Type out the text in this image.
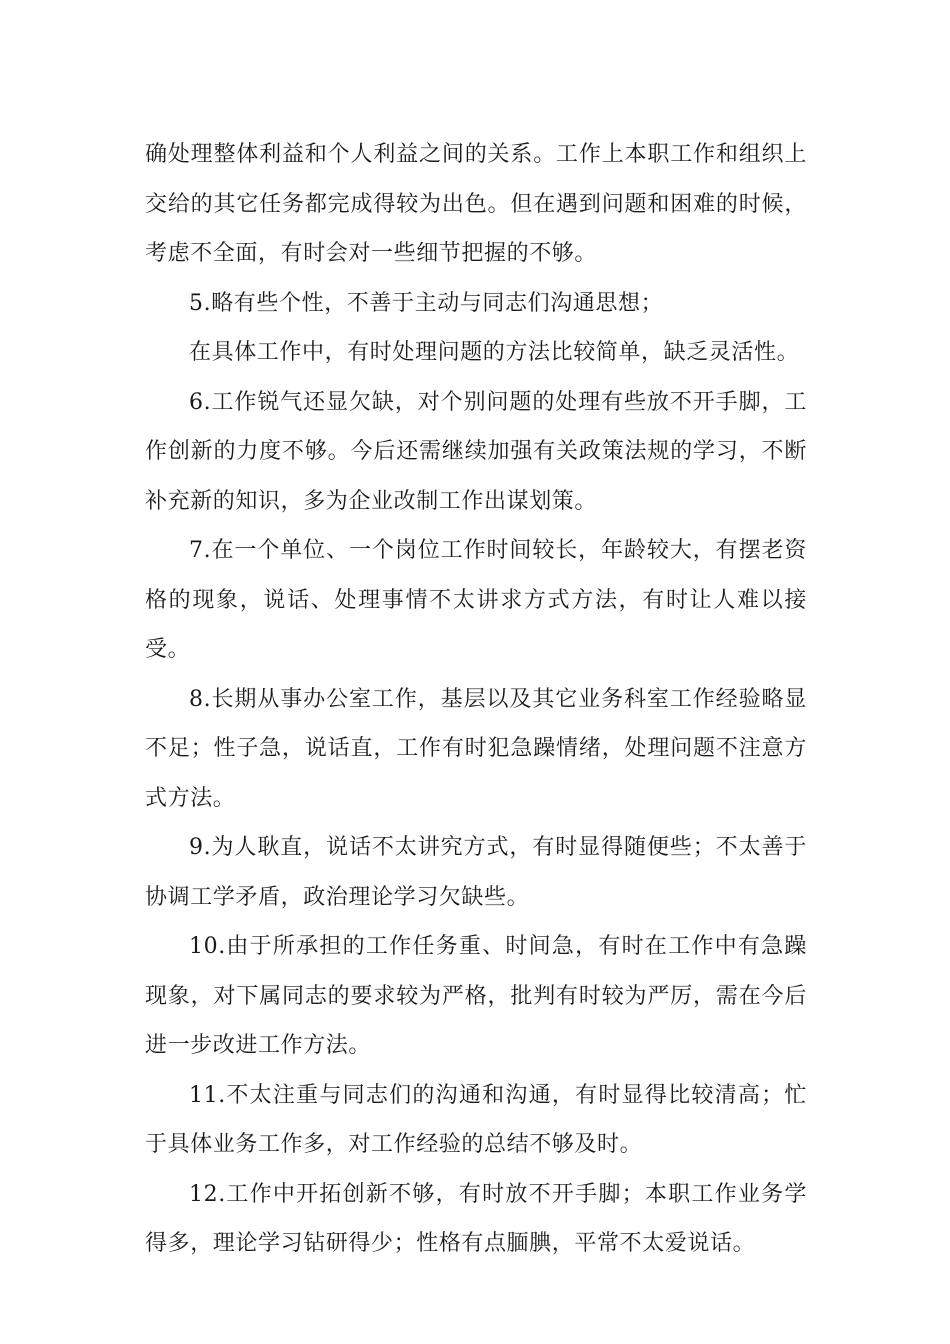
确处理整体利益和个人利益之间的关系。工作上本职工作和组织上交给的其它任务都完成得较为出色。但在遇到问题和困难的时候，考虑不全面，有时会对一些细节把握的不够。

5.略有些个性，不善于主动与同志们沟通思想；

在具体工作中，有时处理问题的方法比较简单，缺乏灵活性。

6.工作锐气还显欠缺，对个别问题的处理有些放不开手脚，工作创新的力度不够。今后还需继续加强有关政策法规的学习，不断补充新的知识，多为企业改制工作出谋划策。

7.在一个单位、一个岗位工作时间较长，年龄较大，有摆老资格的现象，说话、处理事情不太讲求方式方法，有时让人难以接受。

8.长期从事办公室工作，基层以及其它业务科室工作经验略显不足；性子急，说话直，工作有时犯急躁情绪，处理问题不注意方式方法。

9.为人耿直，说话不太讲究方式，有时显得随便些；不太善于协调工学矛盾，政治理论学习欠缺些。

10.由于所承担的工作任务重、时间急，有时在工作中有急躁现象，对下属同志的要求较为严格，批判有时较为严厉，需在今后进一步改进工作方法。

11.不太注重与同志们的沟通和沟通，有时显得比较清高；忙于具体业务工作多，对工作经验的总结不够及时。

12.工作中开拓创新不够，有时放不开手脚；本职工作业务学得多，理论学习钻研得少；性格有点腼腆，平常不太爱说话。
